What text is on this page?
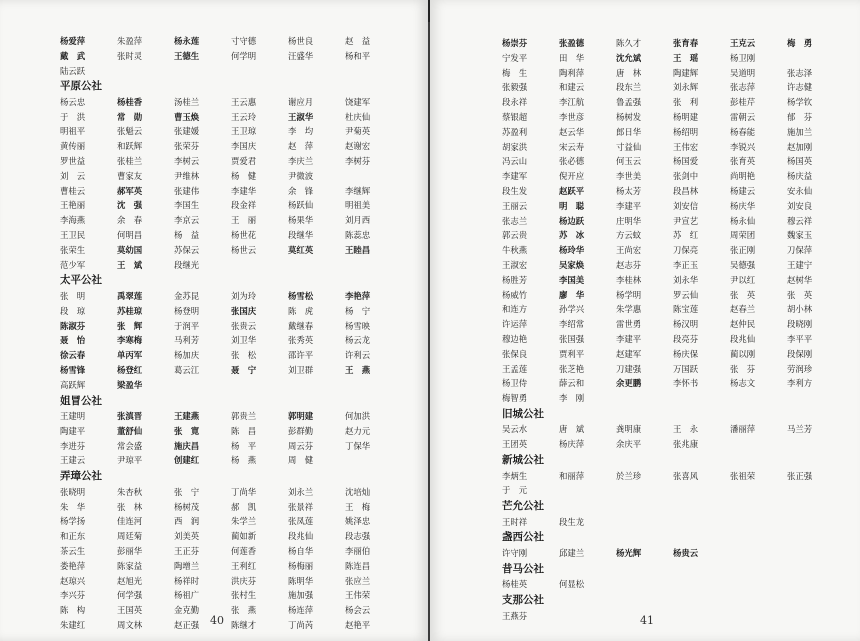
杨爱萍	朱盈萍	杨永莲	寸守德	杨世良	赵　益
戴　武	张时灵	王德生	何学明	汪盛华	杨和平
陆云跃
平原公社
杨云忠	杨桂香	汤桂兰	王云惠	谢应月	饶建军
于　洪	常　勋	曹玉焕	王云玲	王淑华	杜庆仙
明祖平	张魁云	张建媛	王卫琼	李　均	尹菊英
黄传丽	和跃辉	张荣芬	李国庆	赵　萍	赵谢宏
罗世益	张桂兰	李树云	贾爱君	李庆兰	李树芬
刘　云	曹家友	尹维林	杨　健	尹微波
曹桂云	郝军英	张建伟	李建华	余　锋	李继辉
王艳丽	沈　强	李国生	段金祥	杨跃仙	明祖美
李海燕	余　春	李京云	王　丽	杨果华	刘月西
王卫民	何明昌	杨　益	杨世花	段继华	陈蕊忠
张荣生	莫幼国	苏保云	杨世云	莫红英	王睦昌
范少军	王　斌	段继光
太平公社
张　明	禹翠莲	金苏昆	刘为玲	杨雪松	李艳萍
段　琼	苏桂琼	杨登明	张国庆	陈　虎	杨　宁
陈淑芬	张　辉	于润平	张贵云	戴继春	杨雪映
聂　怡	李寒梅	马利芳	刘卫华	张秀英	杨云龙
徐云春	单丙军	杨加庆	张　松	邵许平	许利云
杨雪锋	杨登红	葛云江	聂　宁	刘卫群	王　燕
高跃辉	梁盈华
姐冒公社
王建明	张滇晋	王建燕	郭贵兰	郭明建	何加洪
陶建平	董舒仙	张　寛	陈　昌	彭群勤	赵力元
李进芬	常会盛	施庆昌	杨　平	周云芬	丁保华
王建云	尹琼平	创建红	杨　燕	周　健
弄璋公社
张晓明	朱杏秋	张　宁	丁尚华	刘永兰	沈培灿
朱　华	张　林	杨树茂	郝　凯	张景祥	王　梅
杨学扬	佳连河	西　润	朱学兰	张凤莲	姚泽忠
和正东	周廷菊	刘美英	蔺如新	段兆仙	段志强
茶云生	彭丽华	王正芬	何莲香	杨自华	李丽伯
娄艳萍	陈家益	陶增兰	王利红	杨梅丽	陈连昌
赵琼兴	赵旭光	杨祥时	洪庆芬	陈明华	张应兰
李兴芬	何学强	杨祖广	张村生	施加强	王伟荣
陈　构	王国英	金克勤	张　燕	杨连萍	杨会云
朱建红	周文林	赵正强	陈继才	丁尚芮	赵艳平
40
杨崇芬	张盈德	陈久才	张育春	王克云	梅　勇
宁发平	田　华	沈允斌	王　瑶	杨卫刚
梅　生	陶利萍	唐　林	陶建辉	吴道明	张志泽
张毅强	和建云	段东兰	刘永辉	张志萍	许志健
段永祥	李江航	鲁孟强	张　利	彭桂芹	杨学钦
蔡银超	李世彦	杨树发	杨明建	雷朝云	郁　芬
苏盈利	赵云华	郎日华	杨绍明	杨春能	施加兰
胡家洪	宋云寿	寸益仙	王伟宏	李锐兴	赵加刚
冯云山	张必德	何玉云	杨国爱	张育英	杨国英
李建军	倪开应	李世美	张剑中	尚明艳	杨庆益
段生发	赵跃平	杨太芳	段昌林	杨建云	安永仙
王丽云	明　聪	李建平	刘安信	杨庆华	刘安良
张志兰	杨边跃	庄明华	尹宣艺	杨永仙	穆云祥
郭云贵	苏　冰	方云蚊	苏　红	周荣团	魏家玉
牛秋燕	杨玲华	王尚宏	刀保亮	张正刚	刀保萍
王淑宏	吴家焕	赵志芬	李正玉	吴德强	王建宁
杨胜芳	李国美	李桂林	刘永华	尹以红	赵树华
杨威竹	廖　华	杨学明	罗云仙	张　英	张　英
和连方	孙学兴	朱学惠	陈宝莲	赵春兰	胡小林
许运萍	李绍常	雷世勇	杨汉明	赵仲民	段晓刚
穆边艳	张国强	李建平	段亮芬	段兆仙	李平平
张保良	贾利平	赵建军	杨庆保	蔺以刚	段保刚
王孟莲	张芝艳	刀建强	万国跃	张　芬	劳润珍
杨卫侍	薛云和	余更鹏	李怀书	杨志文	李利方
梅智勇	李　刚
旧城公社
吴云水	唐　斌	龚明康	王　永	潘丽萍	马兰芳
王团英	杨庆萍	余庆平	张兆康
新城公社
李炳生	和丽萍	於兰珍	张喜风	张祖荣	张正强
于　元
芒允公社
王时祥	段生龙
盏西公社
许守刚	邱建兰	杨光辉	杨贵云
昔马公社
杨桂英	何显松
支那公社
王燕芬	41
